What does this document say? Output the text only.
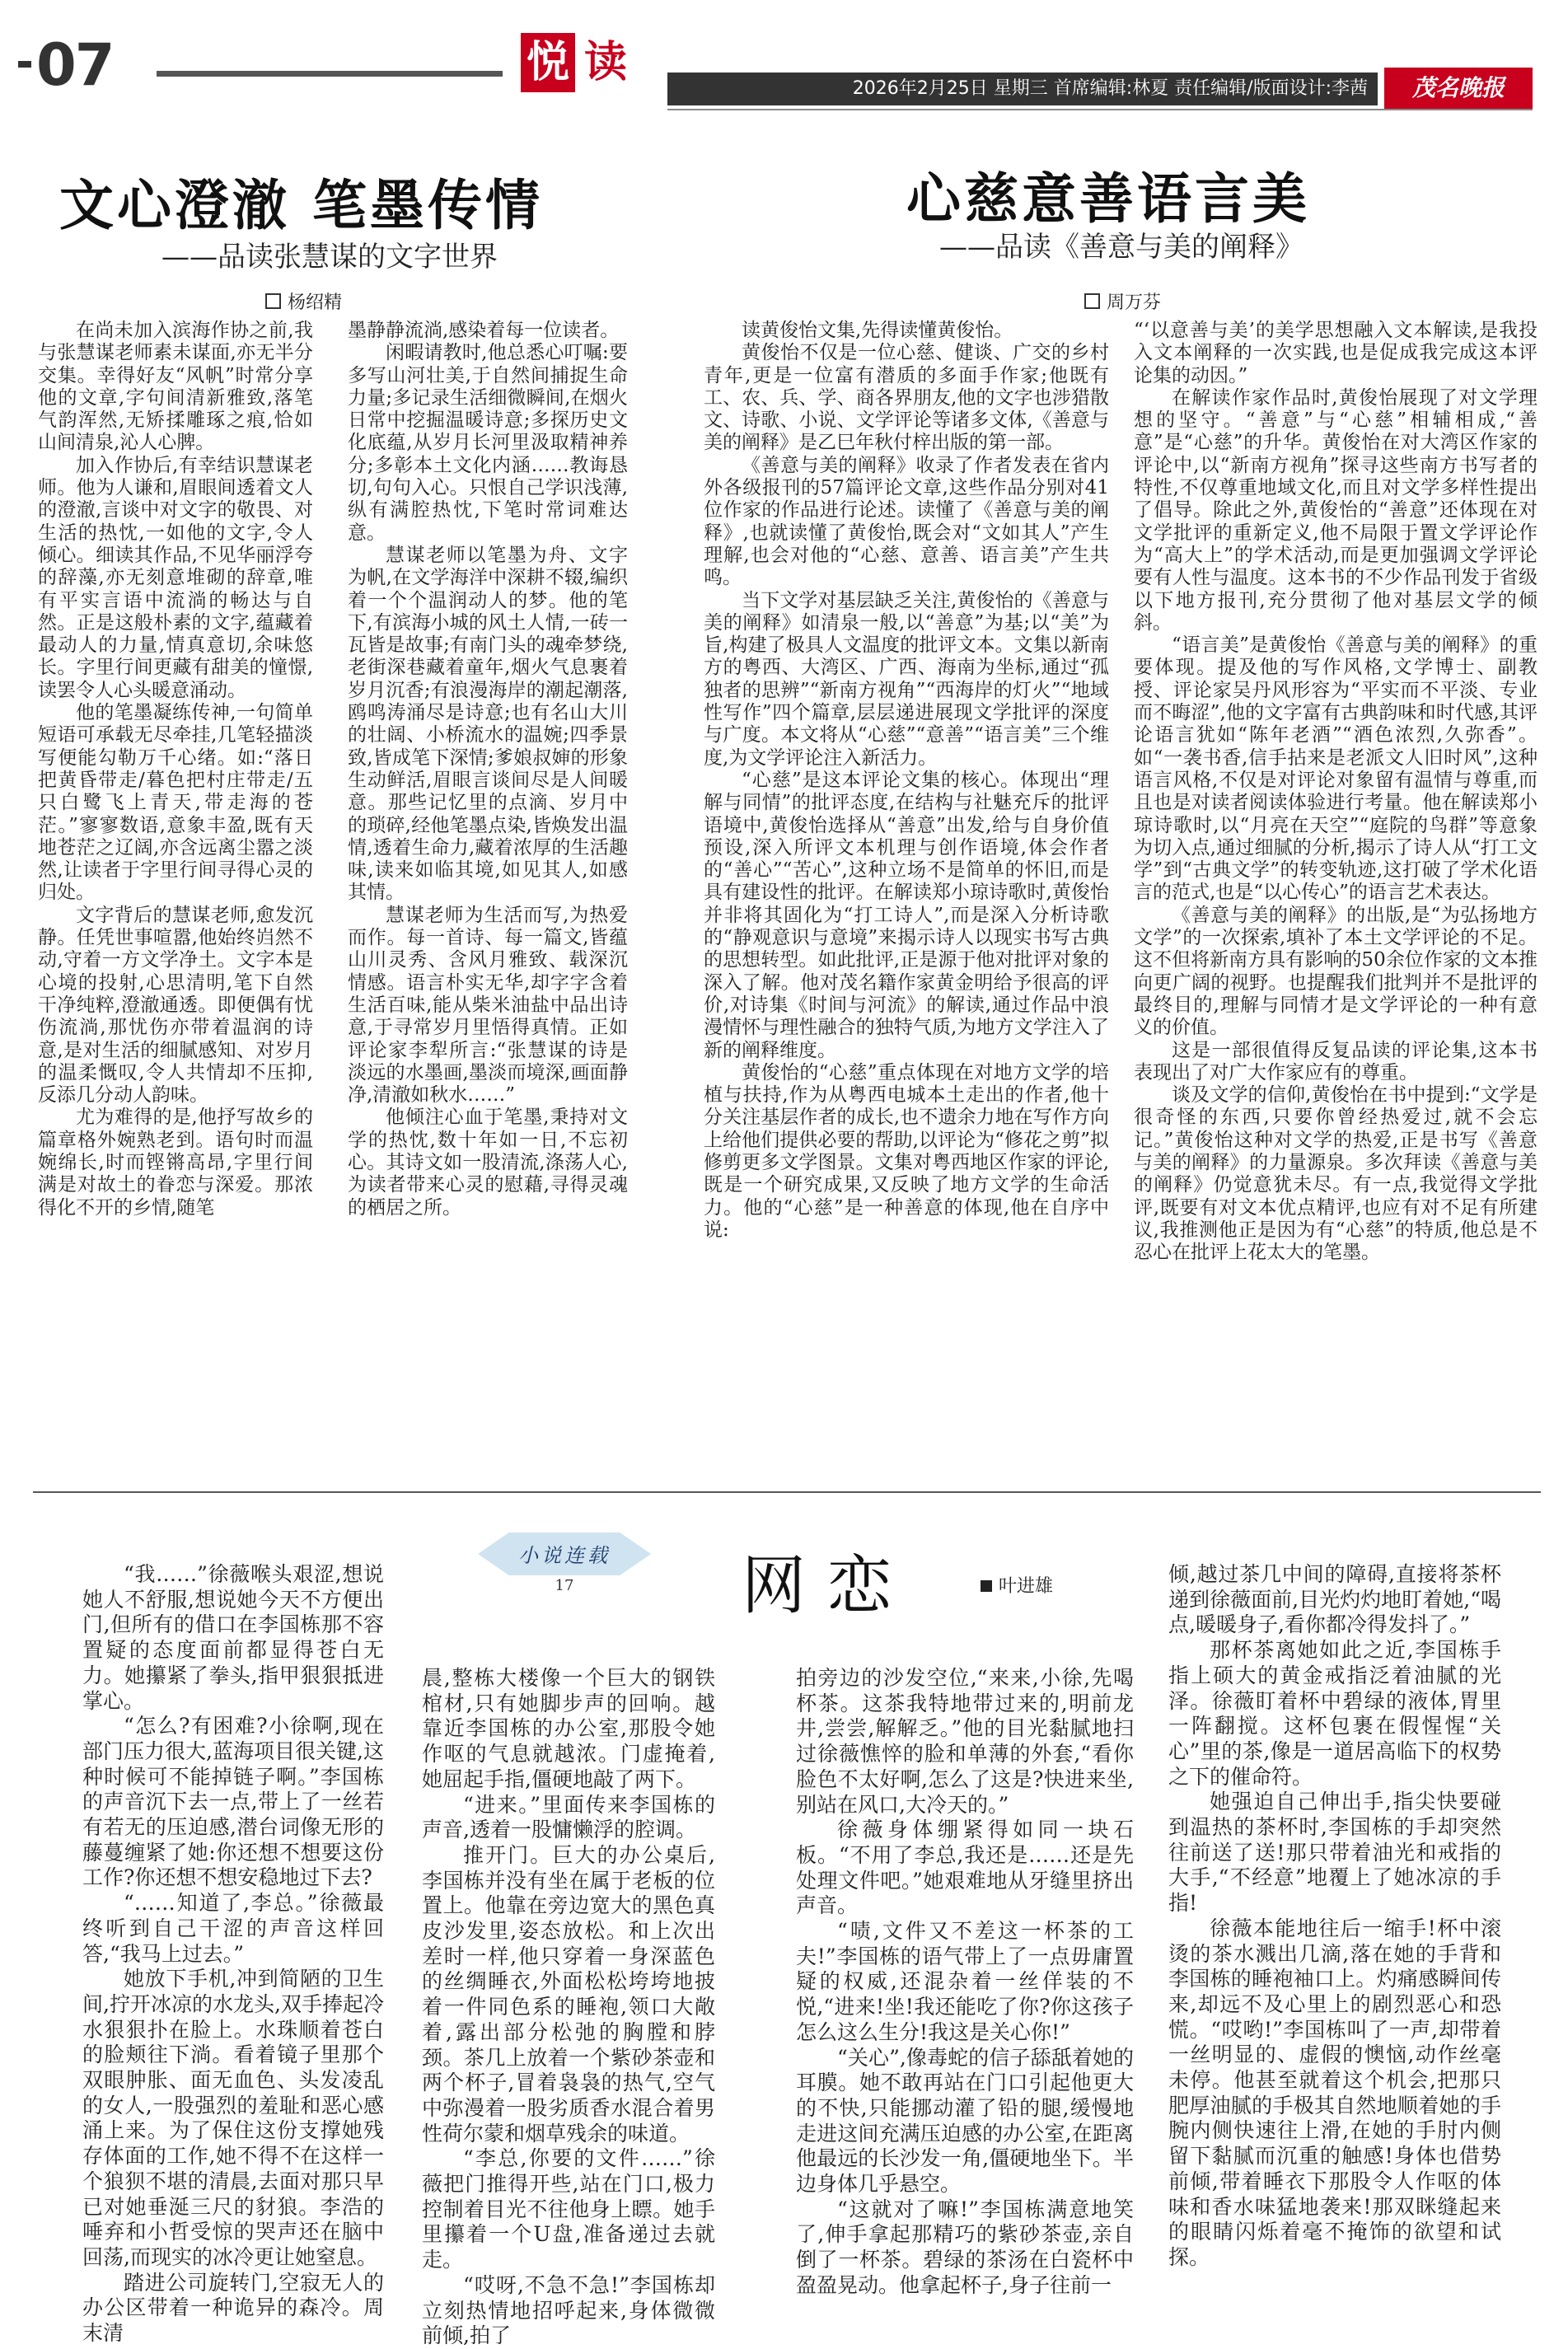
07	悦 读
2026年2月25日 星期三 首席编辑:林夏 责任编辑/版面设计:李茜	茂名晚报
文心澄澈 笔墨传情
——品读张慧谋的文字世界
杨绍精

在尚未加入滨海作协之前,我与张慧谋老师素未谋面,亦无半分交集。幸得好友“风帆”时常分享他的文章,字句间清新雅致,落笔气韵浑然,无矫揉雕琢之痕,恰如山间清泉,沁人心脾。

加入作协后,有幸结识慧谋老师。他为人谦和,眉眼间透着文人的澄澈,言谈中对文字的敬畏、对生活的热忱,一如他的文字,令人倾心。细读其作品,不见华丽浮夸的辞藻,亦无刻意堆砌的辞章,唯有平实言语中流淌的畅达与自然。正是这般朴素的文字,蕴藏着最动人的力量,情真意切,余味悠长。字里行间更藏有甜美的憧憬,读罢令人心头暖意涌动。

他的笔墨凝练传神,一句简单短语可承载无尽牵挂,几笔轻描淡写便能勾勒万千心绪。如:“落日把黄昏带走/暮色把村庄带走/五只白鹭飞上青天,带走海的苍茫。”寥寥数语,意象丰盈,既有天地苍茫之辽阔,亦含远离尘嚣之淡然,让读者于字里行间寻得心灵的归处。

文字背后的慧谋老师,愈发沉静。任凭世事喧嚣,他始终岿然不动,守着一方文学净土。文字本是心境的投射,心思清明,笔下自然干净纯粹,澄澈通透。即便偶有忧伤流淌,那忧伤亦带着温润的诗意,是对生活的细腻感知、对岁月的温柔慨叹,令人共情却不压抑,反添几分动人韵味。

尤为难得的是,他抒写故乡的篇章格外婉熟老到。语句时而温婉绵长,时而铿锵高昂,字里行间满是对故土的眷恋与深爱。那浓得化不开的乡情,随笔

墨静静流淌,感染着每一位读者。

闲暇请教时,他总悉心叮嘱:要多写山河壮美,于自然间捕捉生命力量;多记录生活细微瞬间,在烟火日常中挖掘温暖诗意;多探历史文化底蕴,从岁月长河里汲取精神养分;多彰本土文化内涵……教诲恳切,句句入心。只恨自己学识浅薄,纵有满腔热忱,下笔时常词难达意。

慧谋老师以笔墨为舟、文字为帆,在文学海洋中深耕不辍,编织着一个个温润动人的梦。他的笔下,有滨海小城的风土人情,一砖一瓦皆是故事;有南门头的魂牵梦绕,老街深巷藏着童年,烟火气息裹着岁月沉香;有浪漫海岸的潮起潮落,鸥鸣涛涌尽是诗意;也有名山大川的壮阔、小桥流水的温婉;四季景致,皆成笔下深情;爹娘叔婶的形象生动鲜活,眉眼言谈间尽是人间暖意。那些记忆里的点滴、岁月中的琐碎,经他笔墨点染,皆焕发出温情,透着生命力,藏着浓厚的生活趣味,读来如临其境,如见其人,如感其情。

慧谋老师为生活而写,为热爱而作。每一首诗、每一篇文,皆蕴山川灵秀、含风月雅致、载深沉情感。语言朴实无华,却字字含着生活百味,能从柴米油盐中品出诗意,于寻常岁月里悟得真情。正如评论家李犁所言:“张慧谋的诗是淡远的水墨画,墨淡而境深,画面静净,清澈如秋水……”

他倾注心血于笔墨,秉持对文学的热忱,数十年如一日,不忘初心。其诗文如一股清流,涤荡人心,为读者带来心灵的慰藉,寻得灵魂的栖居之所。

心慈意善语言美
——品读《善意与美的阐释》
周万芬

读黄俊怡文集,先得读懂黄俊怡。

黄俊怡不仅是一位心慈、健谈、广交的乡村青年,更是一位富有潜质的多面手作家;他既有工、农、兵、学、商各界朋友,他的文字也涉猎散文、诗歌、小说、文学评论等诸多文体,《善意与美的阐释》是乙巳年秋付梓出版的第一部。

《善意与美的阐释》收录了作者发表在省内外各级报刊的57篇评论文章,这些作品分别对41位作家的作品进行论述。读懂了《善意与美的阐释》,也就读懂了黄俊怡,既会对“文如其人”产生理解,也会对他的“心慈、意善、语言美”产生共鸣。

当下文学对基层缺乏关注,黄俊怡的《善意与美的阐释》如清泉一般,以“善意”为基;以“美”为旨,构建了极具人文温度的批评文本。文集以新南方的粤西、大湾区、广西、海南为坐标,通过“孤独者的思辨”“新南方视角”“西海岸的灯火”“地域性写作”四个篇章,层层递进展现文学批评的深度与广度。本文将从“心慈”“意善”“语言美”三个维度,为文学评论注入新活力。

“心慈”是这本评论文集的核心。体现出“理解与同情”的批评态度,在结构与社魅充斥的批评语境中,黄俊怡选择从“善意”出发,给与自身价值预设,深入所评文本机理与创作语境,体会作者的“善心”“苦心”,这种立场不是简单的怀旧,而是具有建设性的批评。在解读郑小琼诗歌时,黄俊怡并非将其固化为“打工诗人”,而是深入分析诗歌的“静观意识与意境”来揭示诗人以现实书写古典的思想转型。如此批评,正是源于他对批评对象的深入了解。他对茂名籍作家黄金明给予很高的评价,对诗集《时间与河流》的解读,通过作品中浪漫情怀与理性融合的独特气质,为地方文学注入了新的阐释维度。

黄俊怡的“心慈”重点体现在对地方文学的培植与扶持,作为从粤西电城本土走出的作者,他十分关注基层作者的成长,也不遗余力地在写作方向上给他们提供必要的帮助,以评论为“修花之剪”拟修剪更多文学图景。文集对粤西地区作家的评论,既是一个研究成果,又反映了地方文学的生命活力。他的“心慈”是一种善意的体现,他在自序中说:

“‘以意善与美’的美学思想融入文本解读,是我投入文本阐释的一次实践,也是促成我完成这本评论集的动因。”

在解读作家作品时,黄俊怡展现了对文学理想的坚守。“善意”与“心慈”相辅相成,“善意”是“心慈”的升华。黄俊怡在对大湾区作家的评论中,以“新南方视角”探寻这些南方书写者的特性,不仅尊重地域文化,而且对文学多样性提出了倡导。除此之外,黄俊怡的“善意”还体现在对文学批评的重新定义,他不局限于置文学评论作为“高大上”的学术活动,而是更加强调文学评论要有人性与温度。这本书的不少作品刊发于省级以下地方报刊,充分贯彻了他对基层文学的倾斜。

“语言美”是黄俊怡《善意与美的阐释》的重要体现。提及他的写作风格,文学博士、副教授、评论家吴丹风形容为“平实而不平淡、专业而不晦涩”,他的文字富有古典韵味和时代感,其评论语言犹如“陈年老酒”“酒色浓烈,久弥香”。如“一袭书香,信手拈来是老派文人旧时风”,这种语言风格,不仅是对评论对象留有温情与尊重,而且也是对读者阅读体验进行考量。他在解读郑小琼诗歌时,以“月亮在天空”“庭院的鸟群”等意象为切入点,通过细腻的分析,揭示了诗人从“打工文学”到“古典文学”的转变轨迹,这打破了学术化语言的范式,也是“以心传心”的语言艺术表达。

《善意与美的阐释》的出版,是“为弘扬地方文学”的一次探索,填补了本土文学评论的不足。这不但将新南方具有影响的50余位作家的文本推向更广阔的视野。也提醒我们批判并不是批评的最终目的,理解与同情才是文学评论的一种有意义的价值。

这是一部很值得反复品读的评论集,这本书表现出了对广大作家应有的尊重。

谈及文学的信仰,黄俊怡在书中提到:“文学是很奇怪的东西,只要你曾经热爱过,就不会忘记。”黄俊怡这种对文学的热爱,正是书写《善意与美的阐释》的力量源泉。多次拜读《善意与美的阐释》仍觉意犹未尽。有一点,我觉得文学批评,既要有对文本优点精评,也应有对不足有所建议,我推测他正是因为有“心慈”的特质,他总是不忍心在批评上花太大的笔墨。

小说连载
17	网恋	叶进雄

“我……”徐薇喉头艰涩,想说她人不舒服,想说她今天不方便出门,但所有的借口在李国栋那不容置疑的态度面前都显得苍白无力。她攥紧了拳头,指甲狠狠抵进掌心。

“怎么?有困难?小徐啊,现在部门压力很大,蓝海项目很关键,这种时候可不能掉链子啊。”李国栋的声音沉下去一点,带上了一丝若有若无的压迫感,潜台词像无形的藤蔓缠紧了她:你还想不想要这份工作?你还想不想安稳地过下去?

“……知道了,李总。”徐薇最终听到自己干涩的声音这样回答,“我马上过去。”

她放下手机,冲到简陋的卫生间,拧开冰凉的水龙头,双手捧起冷水狠狠扑在脸上。水珠顺着苍白的脸颊往下淌。看着镜子里那个双眼肿胀、面无血色、头发凌乱的女人,一股强烈的羞耻和恶心感涌上来。为了保住这份支撑她残存体面的工作,她不得不在这样一个狼狈不堪的清晨,去面对那只早已对她垂涎三尺的豺狼。李浩的唾弃和小哲受惊的哭声还在脑中回荡,而现实的冰冷更让她窒息。

踏进公司旋转门,空寂无人的办公区带着一种诡异的森冷。周末清

晨,整栋大楼像一个巨大的钢铁棺材,只有她脚步声的回响。越靠近李国栋的办公室,那股令她作呕的气息就越浓。门虚掩着,她屈起手指,僵硬地敲了两下。

“进来。”里面传来李国栋的声音,透着一股慵懒浮的腔调。

推开门。巨大的办公桌后,李国栋并没有坐在属于老板的位置上。他靠在旁边宽大的黑色真皮沙发里,姿态放松。和上次出差时一样,他只穿着一身深蓝色的丝绸睡衣,外面松松垮垮地披着一件同色系的睡袍,领口大敞着,露出部分松弛的胸膛和脖颈。茶几上放着一个紫砂茶壶和两个杯子,冒着袅袅的热气,空气中弥漫着一股劣质香水混合着男性荷尔蒙和烟草残余的味道。

“李总,你要的文件……”徐薇把门推得开些,站在门口,极力控制着目光不往他身上瞟。她手里攥着一个U盘,准备递过去就走。

“哎呀,不急不急!”李国栋却立刻热情地招呼起来,身体微微前倾,拍了

拍旁边的沙发空位,“来来,小徐,先喝杯茶。这茶我特地带过来的,明前龙井,尝尝,解解乏。”他的目光黏腻地扫过徐薇憔悴的脸和单薄的外套,“看你脸色不太好啊,怎么了这是?快进来坐,别站在风口,大冷天的。”

徐薇身体绷紧得如同一块石板。“不用了李总,我还是……还是先处理文件吧。”她艰难地从牙缝里挤出声音。

“啧,文件又不差这一杯茶的工夫!”李国栋的语气带上了一点毋庸置疑的权威,还混杂着一丝佯装的不悦,“进来!坐!我还能吃了你?你这孩子怎么这么生分!我这是关心你!”

“关心”,像毒蛇的信子舔舐着她的耳膜。她不敢再站在门口引起他更大的不快,只能挪动灌了铅的腿,缓慢地走进这间充满压迫感的办公室,在距离他最远的长沙发一角,僵硬地坐下。半边身体几乎悬空。

“这就对了嘛!”李国栋满意地笑了,伸手拿起那精巧的紫砂茶壶,亲自倒了一杯茶。碧绿的茶汤在白瓷杯中盈盈晃动。他拿起杯子,身子往前一

倾,越过茶几中间的障碍,直接将茶杯递到徐薇面前,目光灼灼地盯着她,“喝点,暖暖身子,看你都冷得发抖了。”

那杯茶离她如此之近,李国栋手指上硕大的黄金戒指泛着油腻的光泽。徐薇盯着杯中碧绿的液体,胃里一阵翻搅。这杯包裹在假惺惺“关心”里的茶,像是一道居高临下的权势之下的催命符。

她强迫自己伸出手,指尖快要碰到温热的茶杯时,李国栋的手却突然往前送了送!那只带着油光和戒指的大手,“不经意”地覆上了她冰凉的手指!

徐薇本能地往后一缩手!杯中滚烫的茶水溅出几滴,落在她的手背和李国栋的睡袍袖口上。灼痛感瞬间传来,却远不及心里上的剧烈恶心和恐慌。“哎哟!”李国栋叫了一声,却带着一丝明显的、虚假的懊恼,动作丝毫未停。他甚至就着这个机会,把那只肥厚油腻的手极其自然地顺着她的手腕内侧快速往上滑,在她的手肘内侧留下黏腻而沉重的触感!身体也借势前倾,带着睡衣下那股令人作呕的体味和香水味猛地袭来!那双眯缝起来的眼睛闪烁着毫不掩饰的欲望和试探。
